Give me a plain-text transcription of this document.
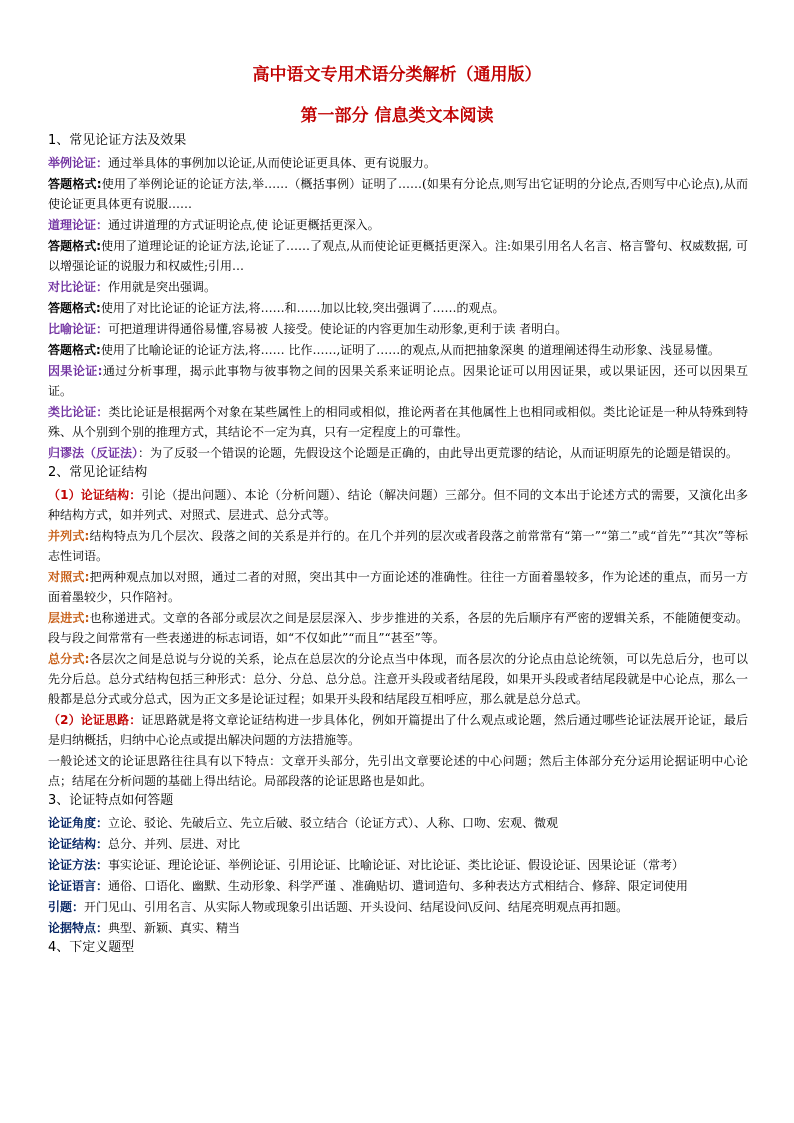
高中语文专用术语分类解析（通用版）
第一部分 信息类文本阅读
1、常见论证方法及效果

举例论证：通过举具体的事例加以论证,从而使论证更具体、更有说服力。

答题格式:使用了举例论证的论证方法,举……（概括事例）证明了……(如果有分论点,则写出它证明的分论点,否则写中心论点),从而使论证更具体更有说服……

道理论证：通过讲道理的方式证明论点,使 论证更概括更深入。

答题格式:使用了道理论证的论证方法,论证了……了观点,从而使论证更概括更深入。注:如果引用名人名言、格言警句、权威数据, 可以增强论证的说服力和权威性;引用…

对比论证：作用就是突出强调。

答题格式:使用了对比论证的论证方法,将……和……加以比较,突出强调了……的观点。

比喻论证：可把道理讲得通俗易懂,容易被 人接受。使论证的内容更加生动形象,更利于读 者明白。

答题格式:使用了比喻论证的论证方法,将…… 比作……,证明了……的观点,从而把抽象深奥 的道理阐述得生动形象、浅显易懂。

因果论证:通过分析事理，揭示此事物与彼事物之间的因果关系来证明论点。因果论证可以用因证果，或以果证因，还可以因果互证。

类比论证：类比论证是根据两个对象在某些属性上的相同或相似，推论两者在其他属性上也相同或相似。类比论证是一种从特殊到特殊、从个别到个别的推理方式，其结论不一定为真，只有一定程度上的可靠性。

归谬法（反证法）：为了反驳一个错误的论题，先假设这个论题是正确的，由此导出更荒谬的结论，从而证明原先的论题是错误的。

2、常见论证结构

（1）论证结构：引论（提出问题）、本论（分析问题）、结论（解决问题）三部分。但不同的文本出于论述方式的需要，又演化出多种结构方式，如并列式、对照式、层进式、总分式等。

并列式:结构特点为几个层次、段落之间的关系是并行的。在几个并列的层次或者段落之前常常有“第一”“第二”或“首先”“其次”等标志性词语。

对照式:把两种观点加以对照，通过二者的对照，突出其中一方面论述的准确性。往往一方面着墨较多，作为论述的重点，而另一方面着墨较少，只作陪衬。

层进式:也称递进式。文章的各部分或层次之间是层层深入、步步推进的关系，各层的先后顺序有严密的逻辑关系，不能随便变动。段与段之间常常有一些表递进的标志词语，如“不仅如此”“而且”“甚至”等。

总分式:各层次之间是总说与分说的关系，论点在总层次的分论点当中体现，而各层次的分论点由总论统领，可以先总后分，也可以先分后总。总分式结构包括三种形式：总分、分总、总分总。注意开头段或者结尾段，如果开头段或者结尾段就是中心论点，那么一般都是总分式或分总式，因为正文多是论证过程；如果开头段和结尾段互相呼应，那么就是总分总式。

（2）论证思路：证思路就是将文章论证结构进一步具体化，例如开篇提出了什么观点或论题，然后通过哪些论证法展开论证，最后是归纳概括，归纳中心论点或提出解决问题的方法措施等。

一般论述文的论证思路往往具有以下特点：文章开头部分，先引出文章要论述的中心问题；然后主体部分充分运用论据证明中心论点；结尾在分析问题的基础上得出结论。局部段落的论证思路也是如此。

3、论证特点如何答题

论证角度：立论、驳论、先破后立、先立后破、驳立结合（论证方式）、人称、口吻、宏观、微观

论证结构：总分、并列、层进、对比

论证方法：事实论证、理论论证、举例论证、引用论证、比喻论证、对比论证、类比论证、假设论证、因果论证（常考）

论证语言：通俗、口语化、幽默、生动形象、科学严谨 、准确贴切、遣词造句、多种表达方式相结合、修辞、限定词使用

引题：开门见山、引用名言、从实际人物或现象引出话题、开头设问、结尾设问\反问、结尾亮明观点再扣题。

论据特点：典型、新颖、真实、精当

4、下定义题型
